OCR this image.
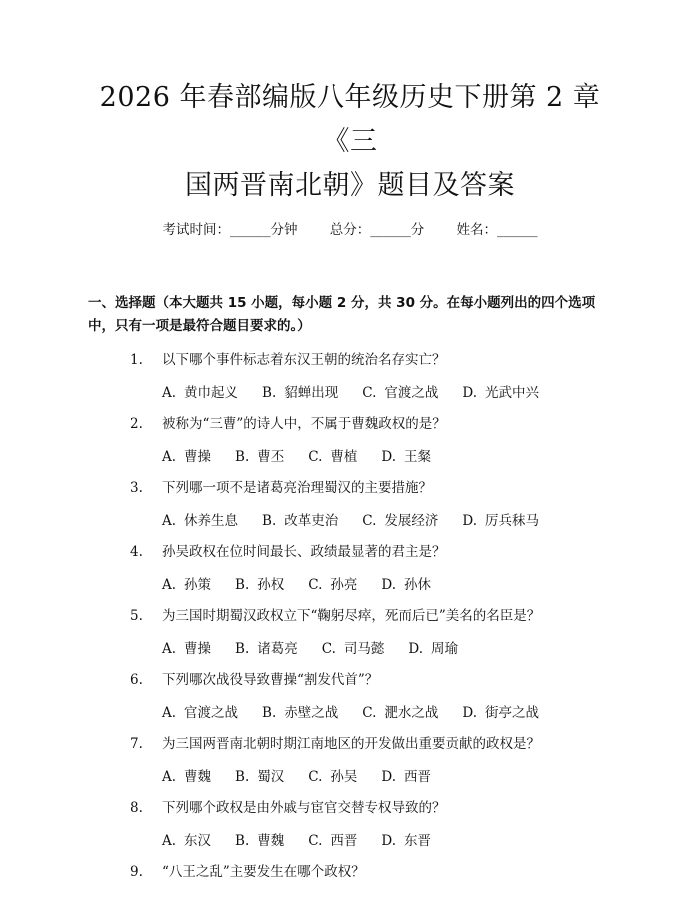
2026 年春部编版八年级历史下册第 2 章《三
国两晋南北朝》题目及答案
考试时间：______分钟 总分：______分 姓名：______
一、选择题（本大题共 15 小题，每小题 2 分，共 30 分。在每小题列出的四个选项中，只有一项是最符合题目要求的。）
1.	以下哪个事件标志着东汉王朝的统治名存实亡？
A. 黄巾起义 B. 貂蝉出现 C. 官渡之战 D. 光武中兴
2.	被称为“三曹”的诗人中，不属于曹魏政权的是？
A. 曹操 B. 曹丕 C. 曹植 D. 王粲
3.	下列哪一项不是诸葛亮治理蜀汉的主要措施？
A. 休养生息 B. 改革吏治 C. 发展经济 D. 厉兵秣马
4.	孙吴政权在位时间最长、政绩最显著的君主是？
A. 孙策 B. 孙权 C. 孙亮 D. 孙休
5.	为三国时期蜀汉政权立下“鞠躬尽瘁，死而后已”美名的名臣是？
A. 曹操 B. 诸葛亮 C. 司马懿 D. 周瑜
6.	下列哪次战役导致曹操“割发代首”？
A. 官渡之战 B. 赤壁之战 C. 淝水之战 D. 街亭之战
7.	为三国两晋南北朝时期江南地区的开发做出重要贡献的政权是？
A. 曹魏 B. 蜀汉 C. 孙吴 D. 西晋
8.	下列哪个政权是由外戚与宦官交替专权导致的？
A. 东汉 B. 曹魏 C. 西晋 D. 东晋
9.	“八王之乱”主要发生在哪个政权？
